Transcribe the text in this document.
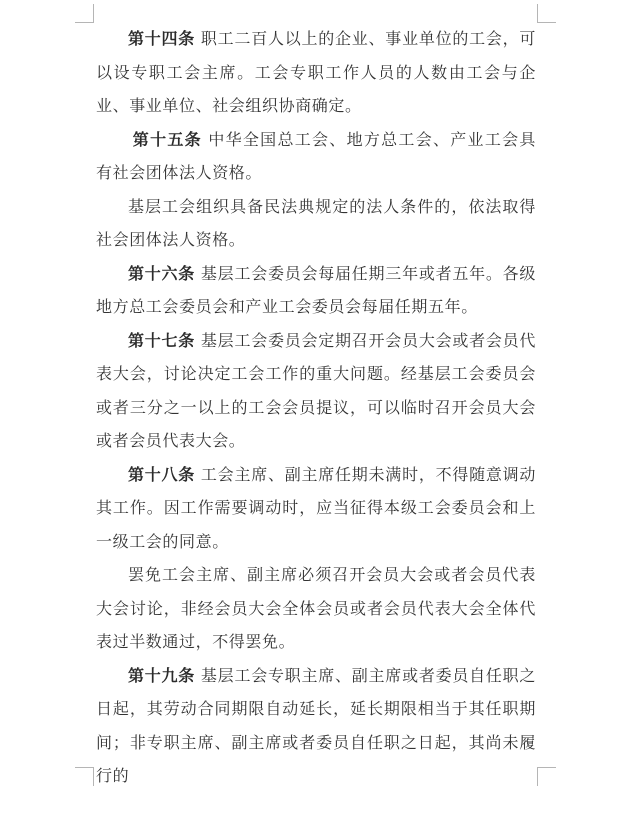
第十四条 职工二百人以上的企业、事业单位的工会，可以设专职工会主席。工会专职工作人员的人数由工会与企业、事业单位、社会组织协商确定。

第十五条 中华全国总工会、地方总工会、产业工会具有社会团体法人资格。

基层工会组织具备民法典规定的法人条件的，依法取得社会团体法人资格。

第十六条 基层工会委员会每届任期三年或者五年。各级地方总工会委员会和产业工会委员会每届任期五年。

第十七条 基层工会委员会定期召开会员大会或者会员代表大会，讨论决定工会工作的重大问题。经基层工会委员会或者三分之一以上的工会会员提议，可以临时召开会员大会或者会员代表大会。

第十八条 工会主席、副主席任期未满时，不得随意调动其工作。因工作需要调动时，应当征得本级工会委员会和上一级工会的同意。

罢免工会主席、副主席必须召开会员大会或者会员代表大会讨论，非经会员大会全体会员或者会员代表大会全体代表过半数通过，不得罢免。

第十九条 基层工会专职主席、副主席或者委员自任职之日起，其劳动合同期限自动延长，延长期限相当于其任职期间；非专职主席、副主席或者委员自任职之日起，其尚未履行的
